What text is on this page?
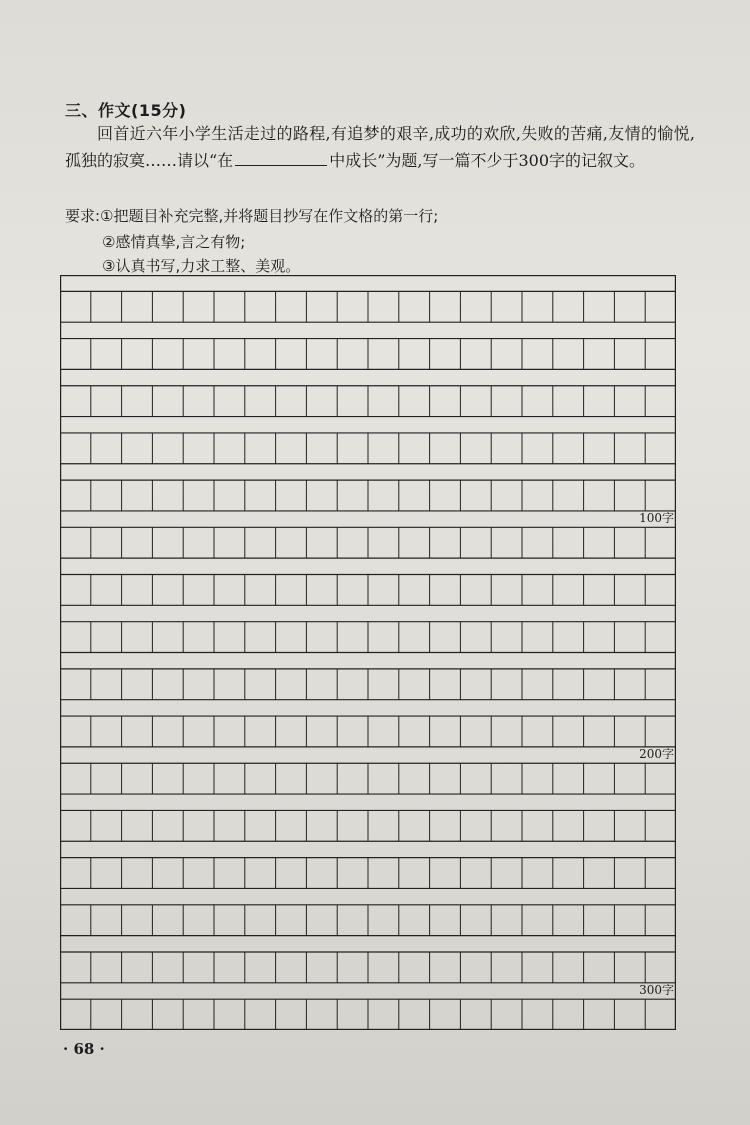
三、作文(15分)
回首近六年小学生活走过的路程,有追梦的艰辛,成功的欢欣,失败的苦痛,友情的愉悦,孤独的寂寞……请以“在	中成长”为题,写一篇不少于300字的记叙文。
要求:①把题目补充完整,并将题目抄写在作文格的第一行;
②感情真挚,言之有物;
③认真书写,力求工整、美观。
100字
200字
300字
· 68 ·
